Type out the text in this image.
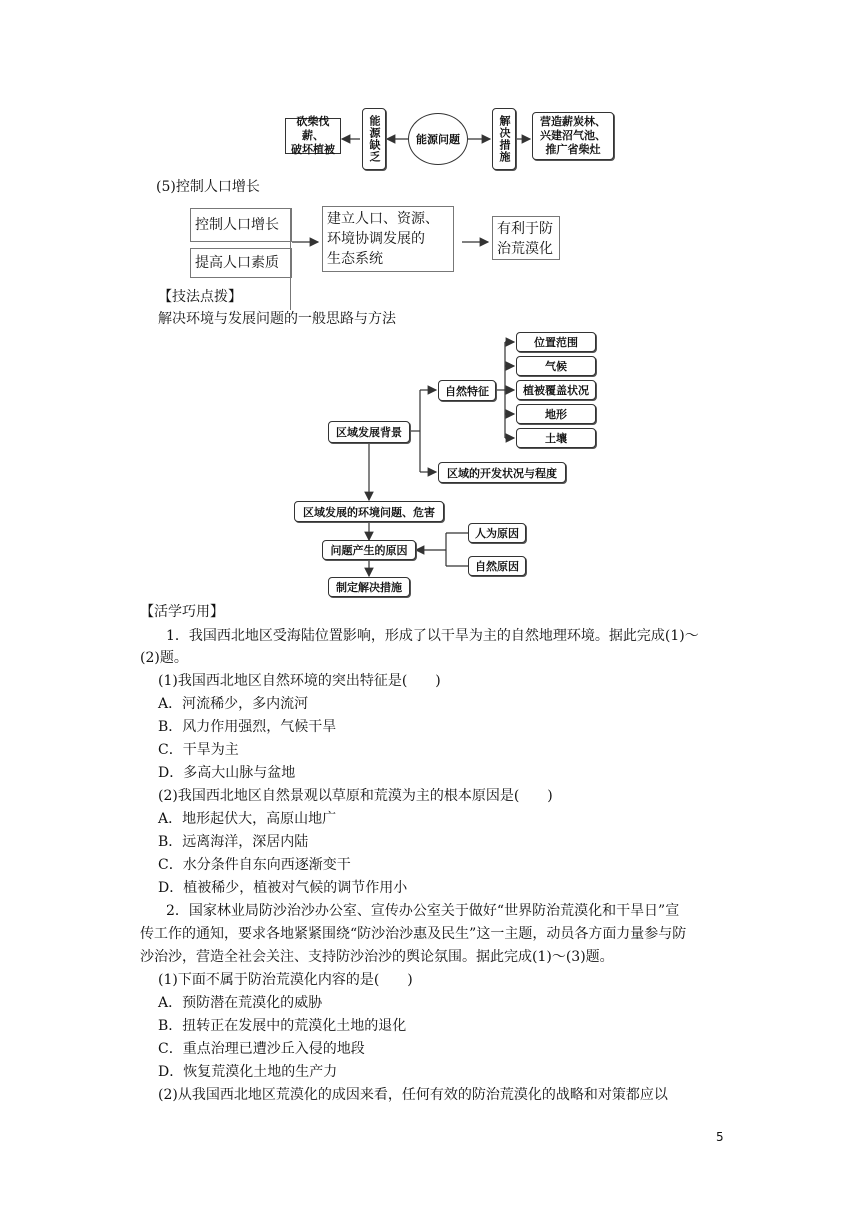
砍柴伐薪、
破坏植被	能源缺乏	能源问题	解决措施	营造薪炭林、
兴建沼气池、
推广省柴灶
(5)控制人口增长
控制人口增长
提高人口素质
建立人口、资源、
环境协调发展的
生态系统
有利于防
治荒漠化
【技法点拨】
解决环境与发展问题的一般思路与方法
区域发展背景
自然特征
位置范围
气候
植被覆盖状况
地形
土壤
区域的开发状况与程度
区域发展的环境问题、危害
问题产生的原因
人为原因
自然原因
制定解决措施
【活学巧用】
1．我国西北地区受海陆位置影响，形成了以干旱为主的自然地理环境。据此完成(1)～
(2)题。
(1)我国西北地区自然环境的突出特征是(　　)
A．河流稀少，多内流河
B．风力作用强烈，气候干旱
C．干旱为主
D．多高大山脉与盆地
(2)我国西北地区自然景观以草原和荒漠为主的根本原因是(　　)
A．地形起伏大，高原山地广
B．远离海洋，深居内陆
C．水分条件自东向西逐渐变干
D．植被稀少，植被对气候的调节作用小
2．国家林业局防沙治沙办公室、宣传办公室关于做好“世界防治荒漠化和干旱日”宣
传工作的通知，要求各地紧紧围绕“防沙治沙惠及民生”这一主题，动员各方面力量参与防
沙治沙，营造全社会关注、支持防沙治沙的舆论氛围。据此完成(1)～(3)题。
(1)下面不属于防治荒漠化内容的是(　　)
A．预防潜在荒漠化的威胁
B．扭转正在发展中的荒漠化土地的退化
C．重点治理已遭沙丘入侵的地段
D．恢复荒漠化土地的生产力
(2)从我国西北地区荒漠化的成因来看，任何有效的防治荒漠化的战略和对策都应以
5
